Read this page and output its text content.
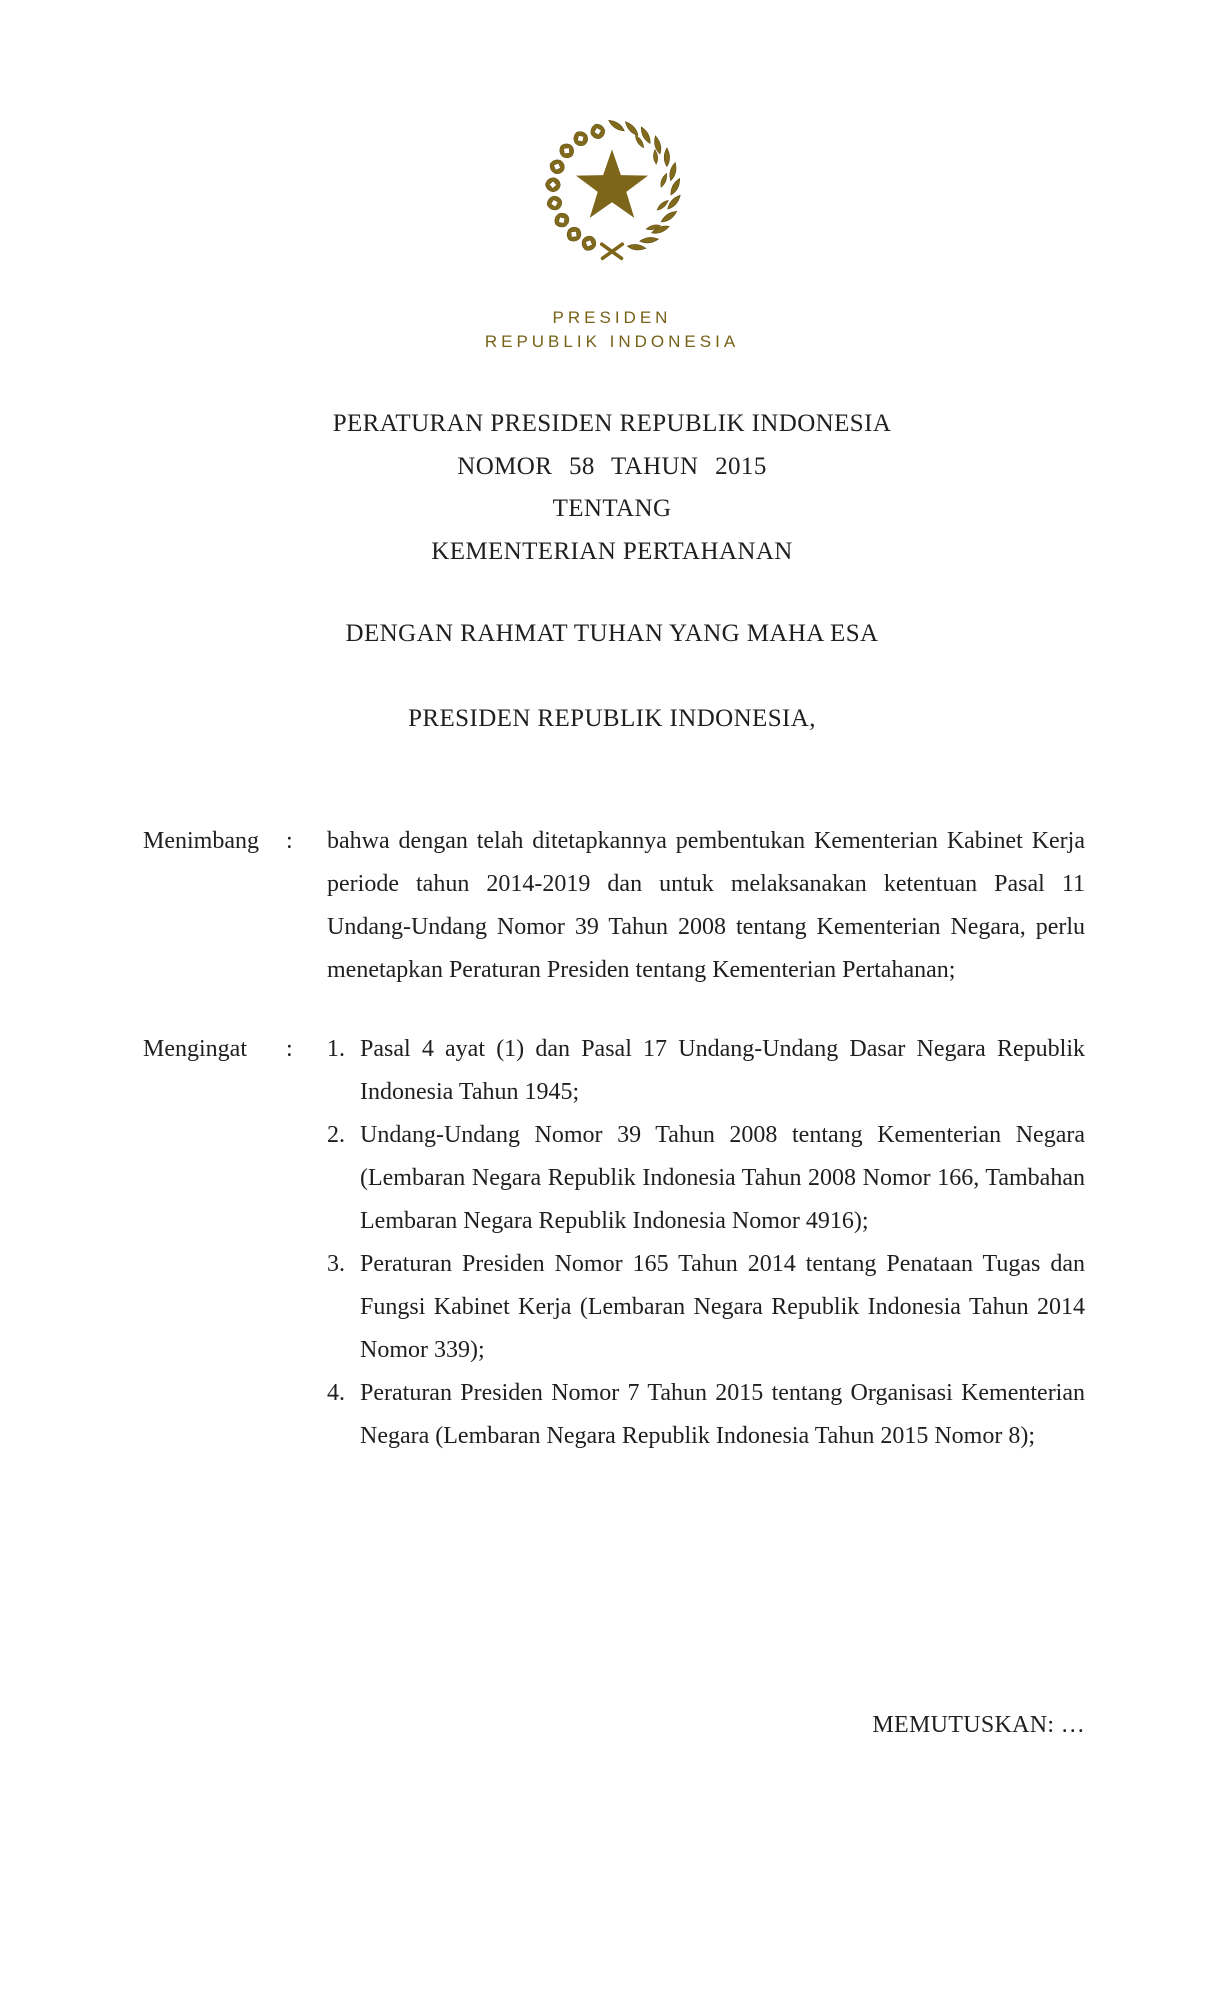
PRESIDEN
REPUBLIK INDONESIA
PERATURAN PRESIDEN REPUBLIK INDONESIA
NOMOR 58 TAHUN 2015
TENTANG
KEMENTERIAN PERTAHANAN
DENGAN RAHMAT TUHAN YANG MAHA ESA
PRESIDEN REPUBLIK INDONESIA,
Menimbang	:	bahwa dengan telah ditetapkannya pembentukan Kementerian Kabinet Kerja periode tahun 2014-2019 dan untuk melaksanakan ketentuan Pasal 11 Undang-Undang Nomor 39 Tahun 2008 tentang Kementerian Negara, perlu menetapkan Peraturan Presiden tentang Kementerian Pertahanan;
Mengingat	:	1. Pasal 4 ayat (1) dan Pasal 17 Undang-Undang Dasar Negara Republik Indonesia Tahun 1945;
2. Undang-Undang Nomor 39 Tahun 2008 tentang Kementerian Negara (Lembaran Negara Republik Indonesia Tahun 2008 Nomor 166, Tambahan Lembaran Negara Republik Indonesia Nomor 4916);
3. Peraturan Presiden Nomor 165 Tahun 2014 tentang Penataan Tugas dan Fungsi Kabinet Kerja (Lembaran Negara Republik Indonesia Tahun 2014 Nomor 339);
4. Peraturan Presiden Nomor 7 Tahun 2015 tentang Organisasi Kementerian Negara (Lembaran Negara Republik Indonesia Tahun 2015 Nomor 8);
MEMUTUSKAN: …
